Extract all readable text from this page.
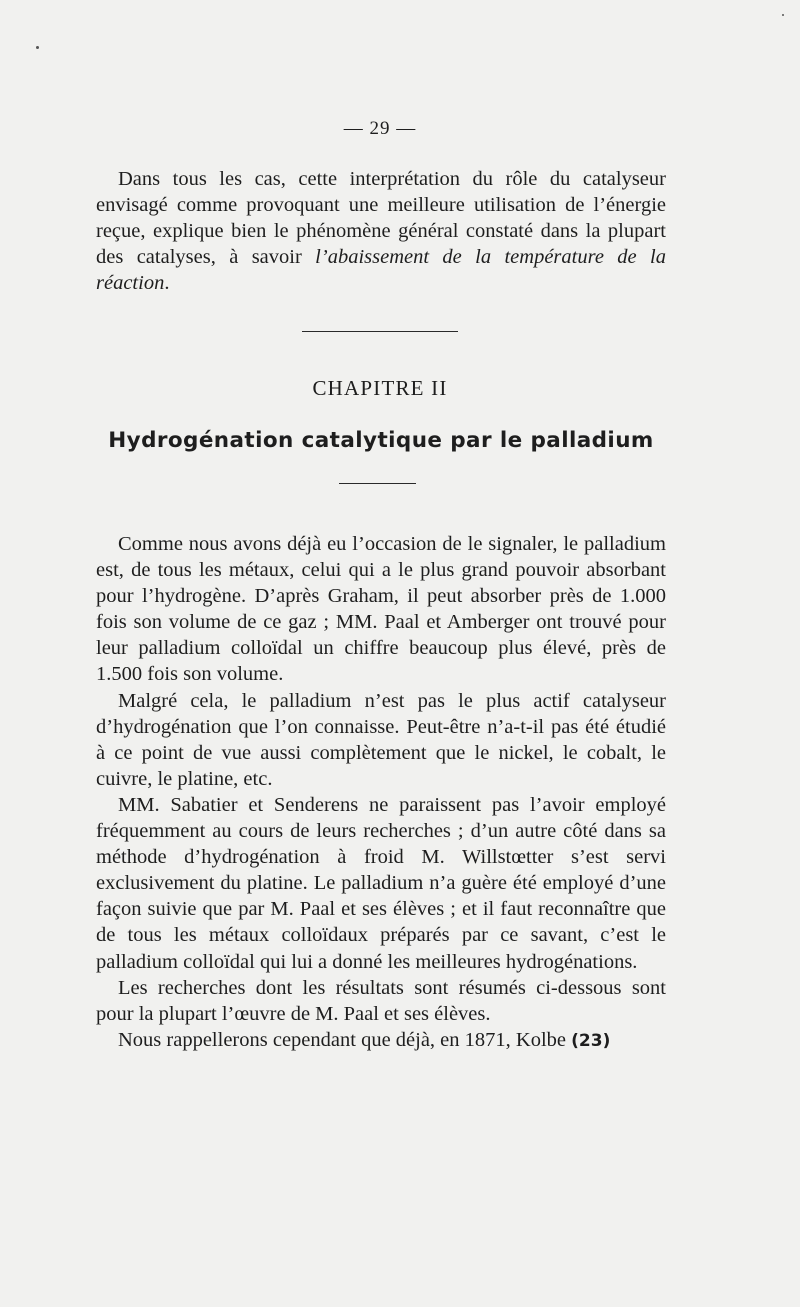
— 29 —

Dans tous les cas, cette interprétation du rôle du catalyseur envisagé comme provoquant une meilleure utilisation de l’énergie reçue, explique bien le phénomène général constaté dans la plupart des catalyses, à savoir l’abaissement de la température de la réaction.

CHAPITRE II
Hydrogénation catalytique par le palladium

Comme nous avons déjà eu l’occasion de le signaler, le palladium est, de tous les métaux, celui qui a le plus grand pouvoir absorbant pour l’hydrogène. D’après Graham, il peut absorber près de 1.000 fois son volume de ce gaz ; MM. Paal et Amberger ont trouvé pour leur palladium colloïdal un chiffre beaucoup plus élevé, près de 1.500 fois son volume.

Malgré cela, le palladium n’est pas le plus actif catalyseur d’hydrogénation que l’on connaisse. Peut-être n’a-t-il pas été étudié à ce point de vue aussi complètement que le nickel, le cobalt, le cuivre, le platine, etc.

MM. Sabatier et Senderens ne paraissent pas l’avoir employé fréquemment au cours de leurs recherches ; d’un autre côté dans sa méthode d’hydrogénation à froid M. Willstœtter s’est servi exclusivement du platine. Le palladium n’a guère été employé d’une façon suivie que par M. Paal et ses élèves ; et il faut reconnaître que de tous les métaux colloïdaux préparés par ce savant, c’est le palladium colloïdal qui lui a donné les meilleures hydrogénations.

Les recherches dont les résultats sont résumés ci-dessous sont pour la plupart l’œuvre de M. Paal et ses élèves.

Nous rappellerons cependant que déjà, en 1871, Kolbe (23)
